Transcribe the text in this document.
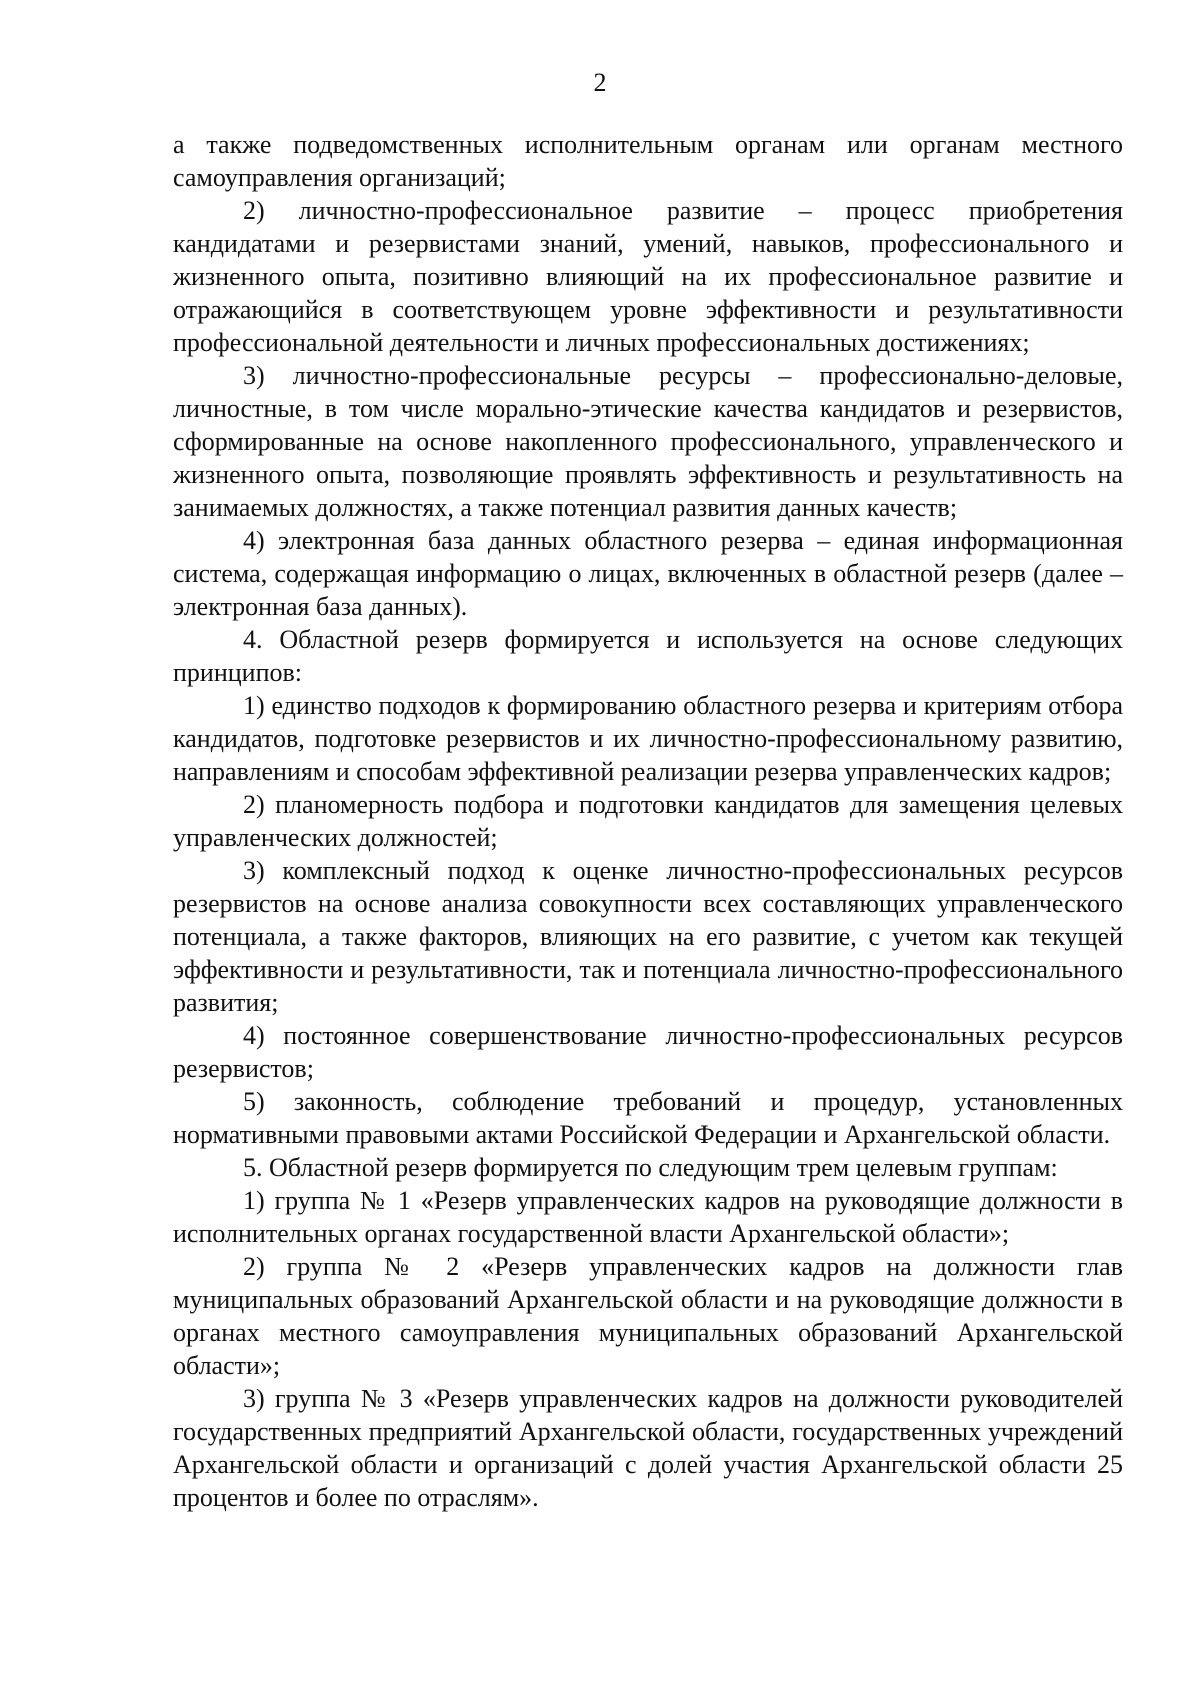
2

а также подведомственных исполнительным органам или органам местного самоуправления организаций;

2) личностно-профессиональное развитие – процесс приобретения кандидатами и резервистами знаний, умений, навыков, профессионального и жизненного опыта, позитивно влияющий на их профессиональное развитие и отражающийся в соответствующем уровне эффективности и результативности профессиональной деятельности и личных профессиональных достижениях;

3) личностно-профессиональные ресурсы – профессионально-деловые, личностные, в том числе морально-этические качества кандидатов и резервистов, сформированные на основе накопленного профессионального, управленческого и жизненного опыта, позволяющие проявлять эффективность и результативность на занимаемых должностях, а также потенциал развития данных качеств;

4) электронная база данных областного резерва – единая информационная система, содержащая информацию о лицах, включенных в областной резерв (далее – электронная база данных).

4. Областной резерв формируется и используется на основе следующих принципов:

1) единство подходов к формированию областного резерва и критериям отбора кандидатов, подготовке резервистов и их личностно-профессиональному развитию, направлениям и способам эффективной реализации резерва управленческих кадров;

2) планомерность подбора и подготовки кандидатов для замещения целевых управленческих должностей;

3) комплексный подход к оценке личностно-профессиональных ресурсов резервистов на основе анализа совокупности всех составляющих управленческого потенциала, а также факторов, влияющих на его развитие, с учетом как текущей эффективности и результативности, так и потенциала личностно-профессионального развития;

4) постоянное совершенствование личностно-профессиональных ресурсов резервистов;

5) законность, соблюдение требований и процедур, установленных нормативными правовыми актами Российской Федерации и Архангельской области.

5. Областной резерв формируется по следующим трем целевым группам:

1) группа № 1 «Резерв управленческих кадров на руководящие должности в исполнительных органах государственной власти Архангельской области»;

2) группа № 2 «Резерв управленческих кадров на должности глав муниципальных образований Архангельской области и на руководящие должности в органах местного самоуправления муниципальных образований Архангельской области»;

3) группа № 3 «Резерв управленческих кадров на должности руководителей государственных предприятий Архангельской области, государственных учреждений Архангельской области и организаций с долей участия Архангельской области 25 процентов и более по отраслям».
